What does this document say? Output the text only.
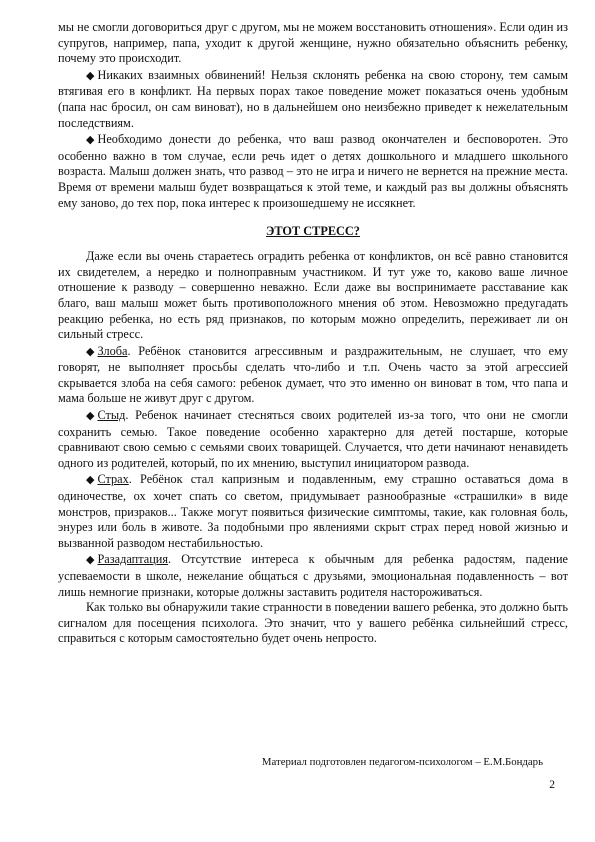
мы не смогли договориться друг с другом, мы не можем восстановить отношения». Если один из супругов, например, папа, уходит к другой женщине, нужно обязательно объяснить ребенку, почему это происходит.

◆ Никаких взаимных обвинений! Нельзя склонять ребенка на свою сторону, тем самым втягивая его в конфликт. На первых порах такое поведение может показаться очень удобным (папа нас бросил, он сам виноват), но в дальнейшем оно неизбежно приведет к нежелательным последствиям.

◆ Необходимо донести до ребенка, что ваш развод окончателен и бесповоротен. Это особенно важно в том случае, если речь идет о детях дошкольного и младшего школьного возраста. Малыш должен знать, что развод – это не игра и ничего не вернется на прежние места. Время от времени малыш будет возвращаться к этой теме, и каждый раз вы должны объяснять ему заново, до тех пор, пока интерес к произошедшему не иссякнет.

ЭТОТ СТРЕСС?

Даже если вы очень стараетесь оградить ребенка от конфликтов, он всё равно становится их свидетелем, а нередко и полноправным участником. И тут уже то, каково ваше личное отношение к разводу – совершенно неважно. Если даже вы воспринимаете расставание как благо, ваш малыш может быть противоположного мнения об этом. Невозможно предугадать реакцию ребенка, но есть ряд признаков, по которым можно определить, переживает ли он сильный стресс.

◆ Злоба. Ребёнок становится агрессивным и раздражительным, не слушает, что ему говорят, не выполняет просьбы сделать что-либо и т.п. Очень часто за этой агрессией скрывается злоба на себя самого: ребенок думает, что это именно он виноват в том, что папа и мама больше не живут друг с другом.

◆ Стыд. Ребенок начинает стесняться своих родителей из-за того, что они не смогли сохранить семью. Такое поведение особенно характерно для детей постарше, которые сравнивают свою семью с семьями своих товарищей. Случается, что дети начинают ненавидеть одного из родителей, который, по их мнению, выступил инициатором развода.

◆ Страх. Ребёнок стал капризным и подавленным, ему страшно оставаться дома в одиночестве, ох хочет спать со светом, придумывает разнообразные «страшилки» в виде монстров, призраков... Также могут появиться физические симптомы, такие, как головная боль, энурез или боль в животе. За подобными про явлениями скрыт страх перед новой жизнью и вызванной разводом нестабильностью.

◆ Разадаптация. Отсутствие интереса к обычным для ребенка радостям, падение успеваемости в школе, нежелание общаться с друзьями, эмоциональная подавленность – вот лишь немногие признаки, которые должны заставить родителя настороживаться.

Как только вы обнаружили такие странности в поведении вашего ребенка, это должно быть сигналом для посещения психолога. Это значит, что у вашего ребёнка сильнейший стресс, справиться с которым самостоятельно будет очень непросто.

Материал подготовлен педагогом-психологом – Е.М.Бондарь
2
